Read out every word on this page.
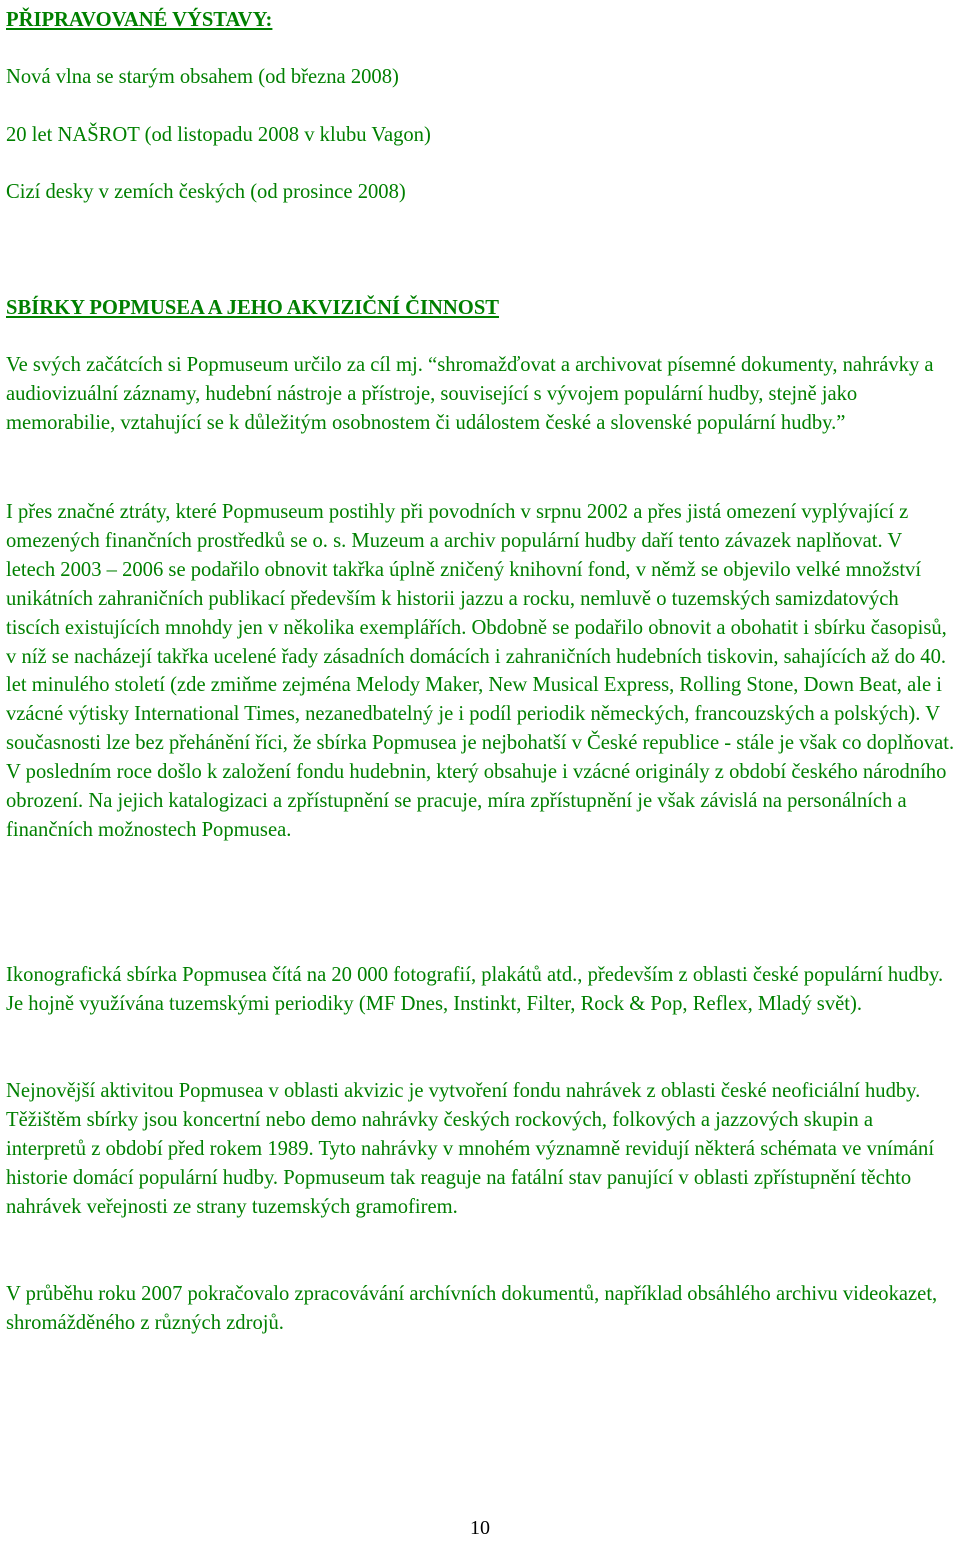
PŘIPRAVOVANÉ VÝSTAVY:
Nová vlna se starým obsahem (od března 2008)
20 let NAŠROT (od listopadu 2008 v klubu Vagon)
Cizí desky v zemích českých (od prosince 2008)
SBÍRKY POPMUSEA A JEHO AKVIZIČNÍ ČINNOST

Ve svých začátcích si Popmuseum určilo za cíl mj. “shromažďovat a archivovat písemné dokumenty, nahrávky a audiovizuální záznamy, hudební nástroje a přístroje, související s vývojem populární hudby, stejně jako memorabilie, vztahující se k důležitým osobnostem či událostem české a slovenské populární hudby.”

I přes značné ztráty, které Popmuseum postihly při povodních v srpnu 2002 a přes jistá omezení vyplývající z omezených finančních prostředků se o. s. Muzeum a archiv populární hudby daří tento závazek naplňovat. V letech 2003 – 2006 se podařilo obnovit takřka úplně zničený knihovní fond, v němž se objevilo velké množství unikátních zahraničních publikací především k historii jazzu a rocku, nemluvě o tuzemských samizdatových tiscích existujících mnohdy jen v několika exemplářích. Obdobně se podařilo obnovit a obohatit i sbírku časopisů, v níž se nacházejí takřka ucelené řady zásadních domácích i zahraničních hudebních tiskovin, sahajících až do 40. let minulého století (zde zmiňme zejména Melody Maker, New Musical Express, Rolling Stone, Down Beat, ale i vzácné výtisky International Times, nezanedbatelný je i podíl periodik německých, francouzských a polských). V současnosti lze bez přehánění říci, že sbírka Popmusea je nejbohatší v České republice - stále je však co doplňovat. V posledním roce došlo k založení fondu hudebnin, který obsahuje i vzácné originály z období českého národního obrození. Na jejich katalogizaci a zpřístupnění se pracuje, míra zpřístupnění je však závislá na personálních a finančních možnostech Popmusea.

Ikonografická sbírka Popmusea čítá na 20 000 fotografií, plakátů atd., především z oblasti české populární hudby. Je hojně využívána tuzemskými periodiky (MF Dnes, Instinkt, Filter, Rock & Pop, Reflex, Mladý svět).

Nejnovější aktivitou Popmusea v oblasti akvizic je vytvoření fondu nahrávek z oblasti české neoficiální hudby. Těžištěm sbírky jsou koncertní nebo demo nahrávky českých rockových, folkových a jazzových skupin a interpretů z období před rokem 1989. Tyto nahrávky v mnohém významně revidují některá schémata ve vnímání historie domácí populární hudby. Popmuseum tak reaguje na fatální stav panující v oblasti zpřístupnění těchto nahrávek veřejnosti ze strany tuzemských gramofirem.

V průběhu roku 2007 pokračovalo zpracovávání archívních dokumentů, například obsáhlého archivu videokazet, shromážděného z různých zdrojů.

10
